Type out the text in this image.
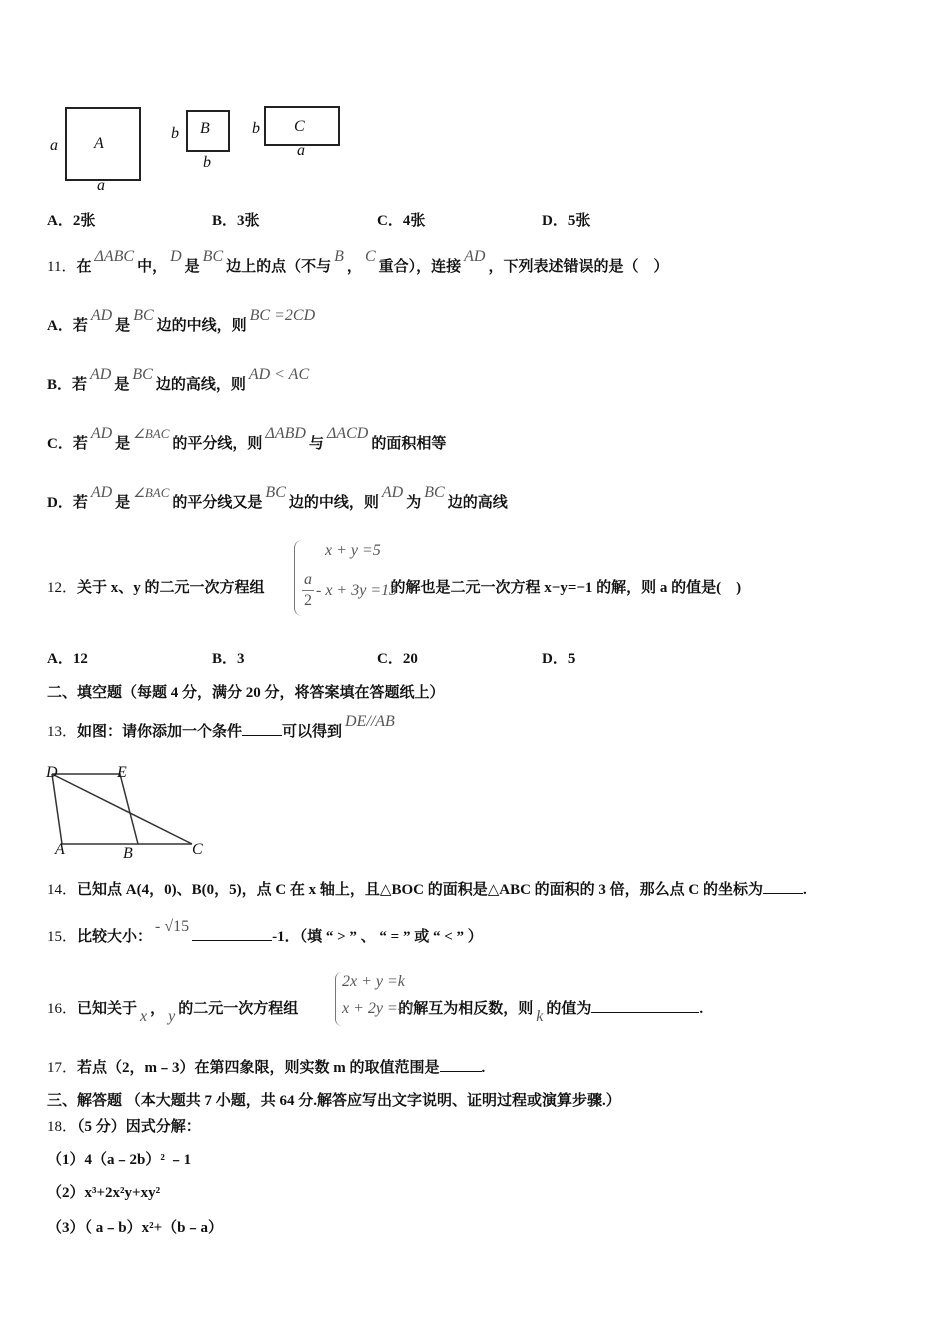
A
a
a
B
b
b
C
b
a
A．2张	B．3张	C．4张	D．5张
11．在ΔABC中，D是BC边上的点（不与B，C重合），连接AD，下列表述错误的是（　）
A．若AD是BC边的中线，则BC =2CD
B．若AD是BC边的高线，则AD < AC
C．若AD是∠BAC的平分线，则ΔABD与ΔACD的面积相等
D．若AD是∠BAC的平分线又是BC边的中线，则AD为BC边的高线
12．关于 x、y 的二元一次方程组	的解也是二元一次方程 x−y=−1 的解，则 a 的值是(　)
x + y =5
a
2
- x + 3y =13
A．12	B．3	C．20	D．5
二、填空题（每题 4 分，满分 20 分，将答案填在答题纸上）
13．如图：请你添加一个条件	可以得到DE//AB
D	E
A	B	C
14．已知点 A(4，0)、B(0，5)，点 C 在 x 轴上，且△BOC 的面积是△ABC 的面积的 3 倍，那么点 C 的坐标为	.
15．比较大小：- √15-1．（填 “ > ” 、 “ = ” 或 “ < ” ）
16．已知关于 x ， y 的二元一次方程组	的解互为相反数，则 k 的值为	.
2x + y =k
x + 2y =- 1
17．若点（2，m﹣3）在第四象限，则实数 m 的取值范围是	.
三、解答题 （本大题共 7 小题，共 64 分.解答应写出文字说明、证明过程或演算步骤.）
18．（5 分）因式分解：
（1）4（a﹣2b）² ﹣1
（2）x³+2x²y+xy²
（3）（ a﹣b）x²+（b﹣a）
